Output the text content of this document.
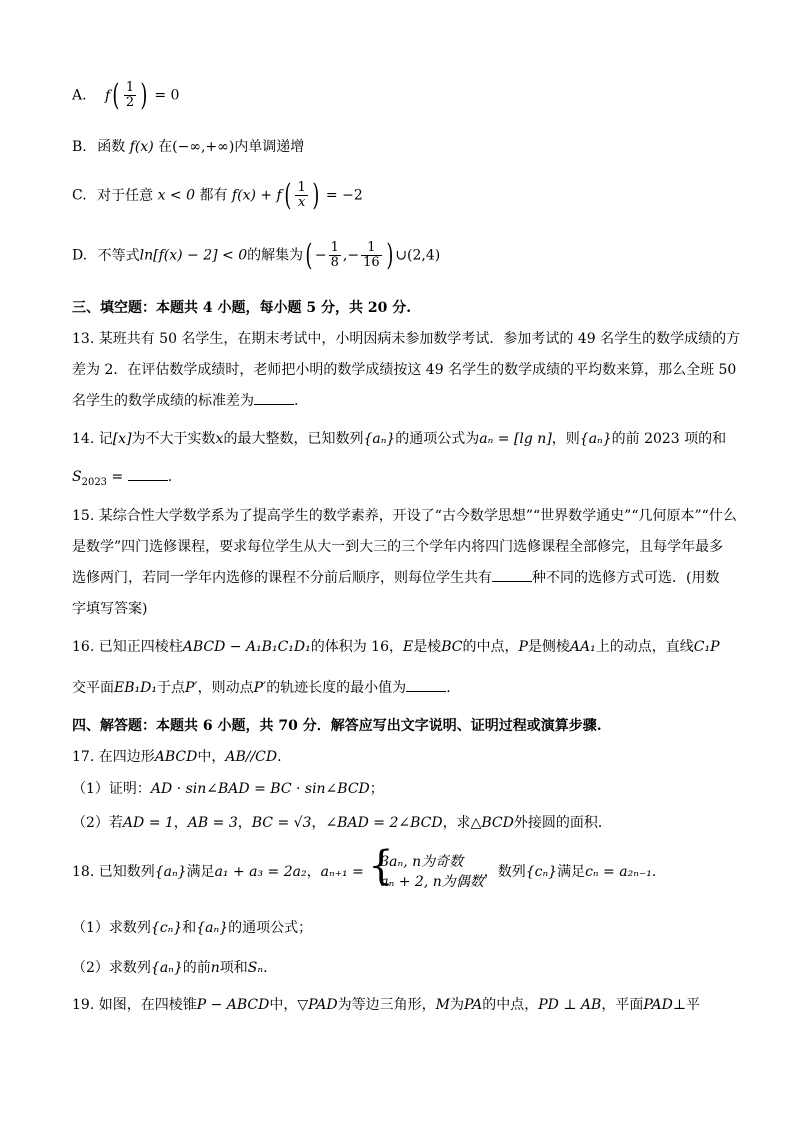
A. $f( \frac{1}{2}$ ) = 0
B. 函数 f(x) 在(−∞,+∞)内单调递增
C. 对于任意 x < 0 都有 $f(x) + f( \frac{1}{x}$ ) = −2
D. 不等式ln[f(x) − 2] < 0的解集为( − $\frac{1}{8}$ ,− $\frac{1}{16}$ ) ∪(2,4)
三、填空题：本题共 4 小题，每小题 5 分，共 20 分.
13. 某班共有 50 名学生，在期末考试中，小明因病未参加数学考试．参加考试的 49 名学生的数学成绩的方
差为 2．在评估数学成绩时，老师把小明的数学成绩按这 49 名学生的数学成绩的平均数来算，那么全班 50
名学生的数学成绩的标准差为	.
14. 记[x]为不大于实数x的最大整数，已知数列{aₙ}的通项公式为aₙ = [lg n]，则{aₙ}的前 2023 项的和
$S_{2023}$ =	.
15. 某综合性大学数学系为了提高学生的数学素养，开设了“古今数学思想”“世界数学通史”“几何原本”“什么
是数学”四门选修课程，要求每位学生从大一到大三的三个学年内将四门选修课程全部修完，且每学年最多
选修两门，若同一学年内选修的课程不分前后顺序，则每位学生共有	种不同的选修方式可选．(用数
字填写答案)
16. 已知正四棱柱ABCD − A₁B₁C₁D₁的体积为 16，E是棱BC的中点，P是侧棱AA₁上的动点，直线C₁P
交平面EB₁D₁于点P′，则动点P′的轨迹长度的最小值为	.
四、解答题：本题共 6 小题，共 70 分．解答应写出文字说明、证明过程或演算步骤.
17. 在四边形ABCD中，AB//CD.
（1）证明：AD · sin∠BAD = BC · sin∠BCD；
（2）若AD = 1，AB = 3，BC = √3，∠BAD = 2∠BCD，求△BCD外接圆的面积．
18. 已知数列{aₙ}满足a₁ + a₃ = 2a₂，aₙ₊₁ = {
3aₙ, n为奇数
aₙ + 2, n为偶数
，数列{cₙ}满足cₙ = a₂ₙ₋₁.
（1）求数列{cₙ}和{aₙ}的通项公式；
（2）求数列{aₙ}的前n项和Sₙ.
19. 如图，在四棱锥P − ABCD中，▽PAD为等边三角形，M为PA的中点，PD ⊥ AB，平面PAD⊥平
